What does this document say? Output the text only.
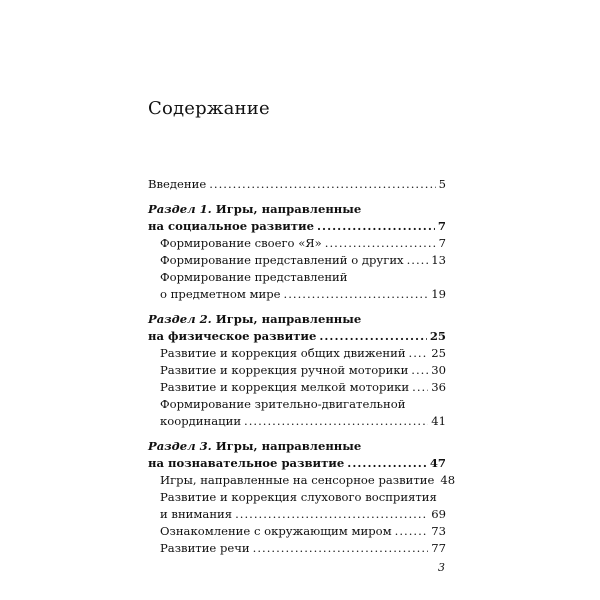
Содержание
Введение .....	5
Раздел 1. Игры, направленные
на социальное развитие .....	7
Формирование своего «Я» .....	7
Формирование представлений о других ..... 13
Формирование представлений
о предметном мире .....	19
Раздел 2. Игры, направленные
на физическое развитие .....	25
Развитие и коррекция общих движений ..... 25
Развитие и коррекция ручной моторики ..... 30
Развитие и коррекция мелкой моторики ..... 36
Формирование зрительно-двигательной
координации .....	41
Раздел 3. Игры, направленные
на познавательное развитие .....	47
Игры, направленные на сенсорное развитие 48
Развитие и коррекция слухового восприятия
и внимания .....	69
Ознакомление с окружающим миром .....	73
Развитие речи .....	77
3
